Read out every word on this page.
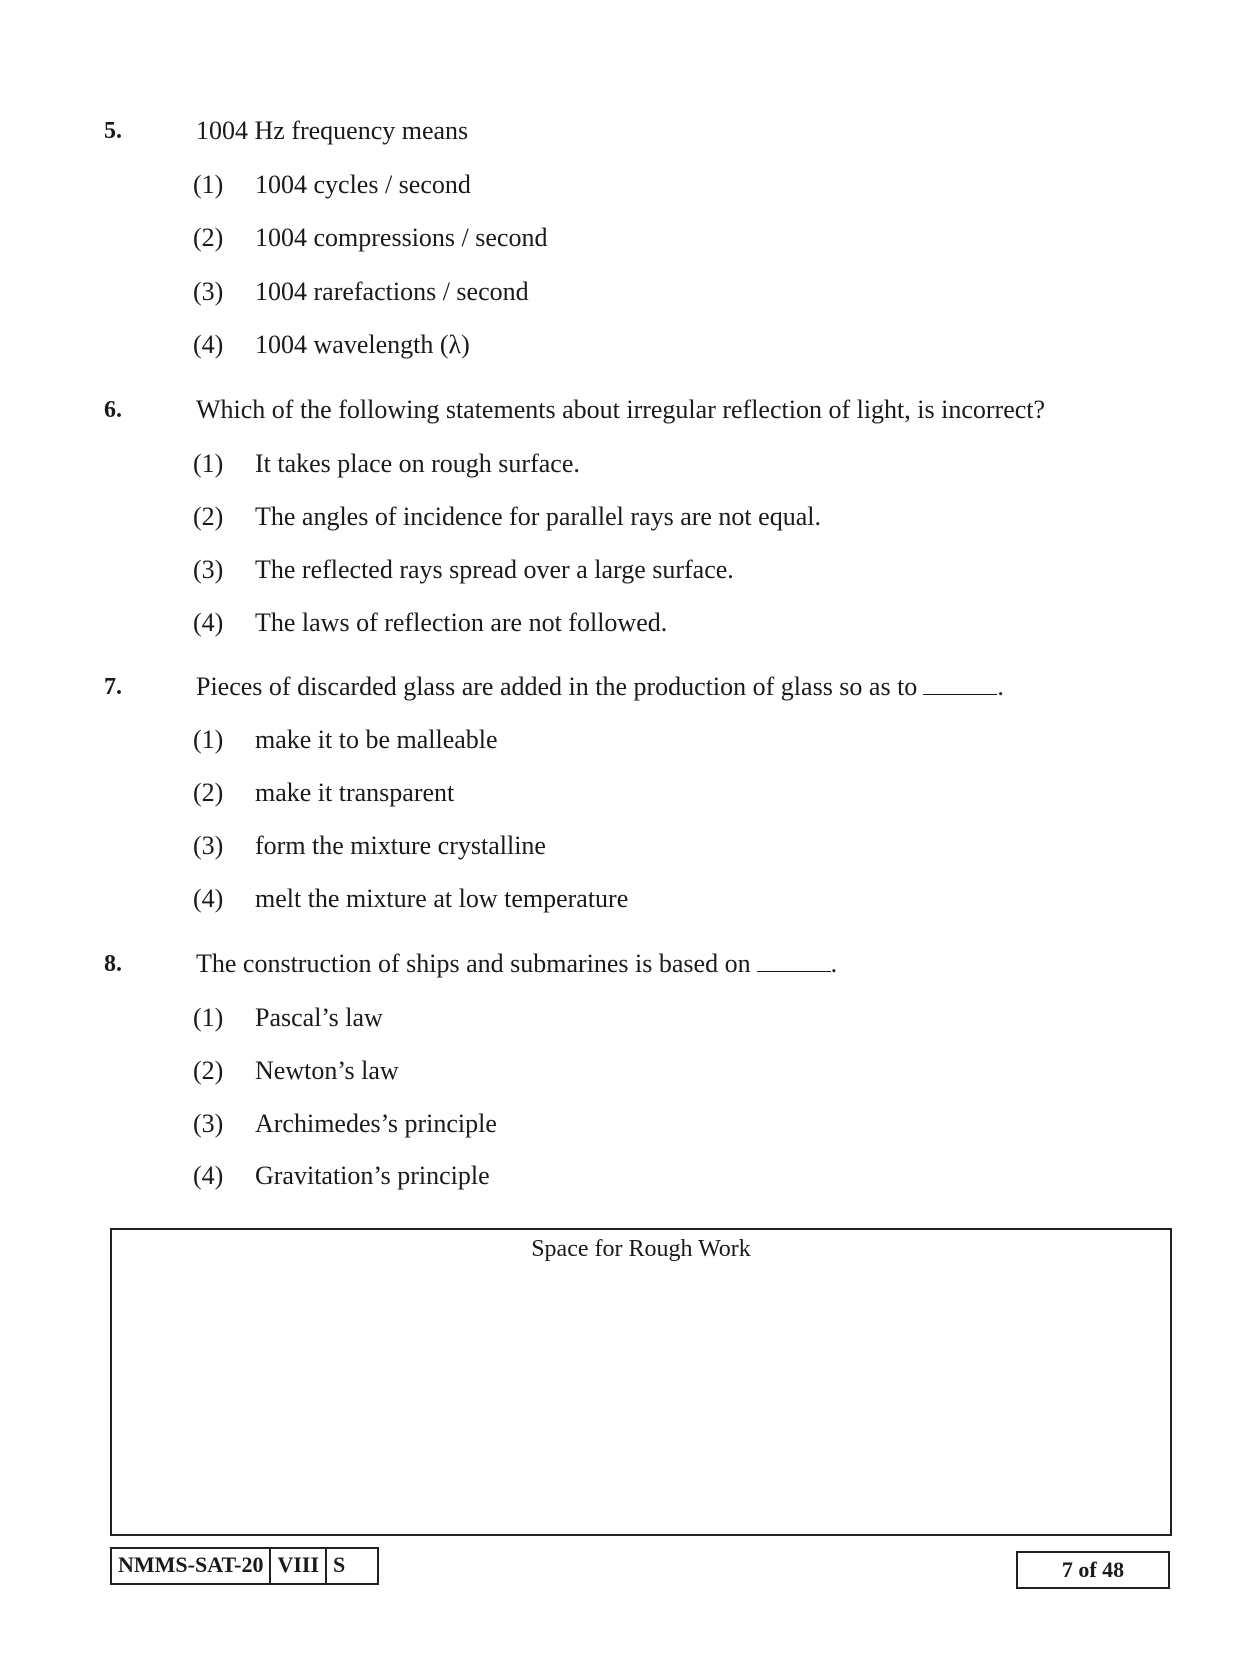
5.	1004 Hz frequency means
(1) 1004 cycles / second
(2) 1004 compressions / second
(3) 1004 rarefactions / second
(4) 1004 wavelength (λ)
6.	Which of the following statements about irregular reflection of light, is incorrect?
(1) It takes place on rough surface.
(2) The angles of incidence for parallel rays are not equal.
(3) The reflected rays spread over a large surface.
(4) The laws of reflection are not followed.
7.	Pieces of discarded glass are added in the production of glass so as to	.
(1) make it to be malleable
(2) make it transparent
(3) form the mixture crystalline
(4) melt the mixture at low temperature
8.	The construction of ships and submarines is based on	.
(1) Pascal’s law
(2) Newton’s law
(3) Archimedes’s principle
(4) Gravitation’s principle
Space for Rough Work
NMMS-SAT-20 VIII S	7 of 48
